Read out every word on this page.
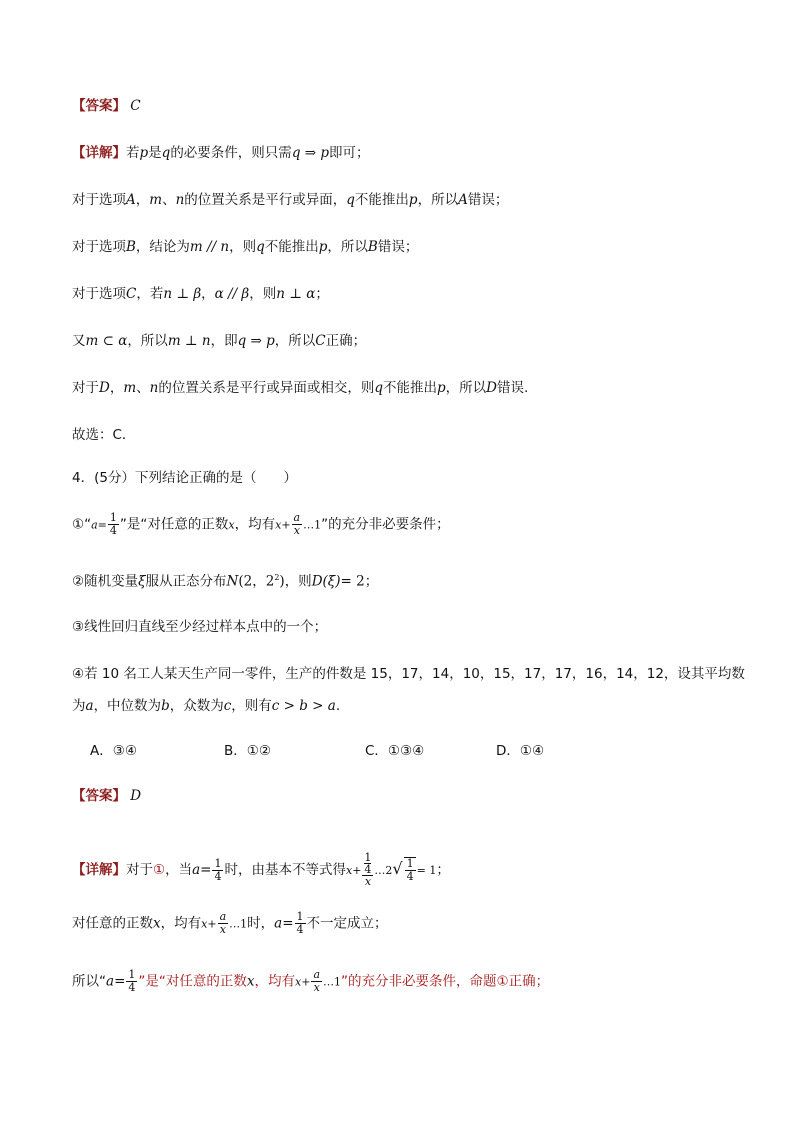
【答案】 C
【详解】若p是q的必要条件，则只需q ⇒ p即可；
对于选项A，m、n的位置关系是平行或异面，q不能推出p，所以A错误；
对于选项B，结论为m // n，则q不能推出p，所以B错误；
对于选项C，若n ⊥ β，α // β，则n ⊥ α；
又m ⊂ α，所以m ⊥ n，即q ⇒ p，所以C正确；
对于D，m、n的位置关系是平行或异面或相交，则q不能推出p，所以D错误.
故选：C．
4．(5分）下列结论正确的是（　　）
①“a= $\frac{1}{4}$ ”是“对任意的正数x，均有$x+ \frac{a}{x}$ …1”的充分非必要条件；
②随机变量ξ服从正态分布N(2，$2^2$)，则D(ξ)= 2；
③线性回归直线至少经过样本点中的一个；
④若 10 名工人某天生产同一零件，生产的件数是 15，17，14，10，15，17，17，16，14，12，设其平均数
为a，中位数为b，众数为c，则有c > b > a.
A．③④	B．①②	C．①③④	D．①④
【答案】 D
【详解】对于①，当$a= \frac{1}{4}$ 时，由基本不等式得x+ 1
4
x …2√ $\frac{1}{4} = 1$；
对任意的正数x，均有$x+ \frac{a}{x}$ …1时，$a= \frac{1}{4}$ 不一定成立；
所以“$a= \frac{1}{4}$ ”是“对任意的正数x，均有$x+ \frac{a}{x}$ …1”的充分非必要条件，命题①正确；
